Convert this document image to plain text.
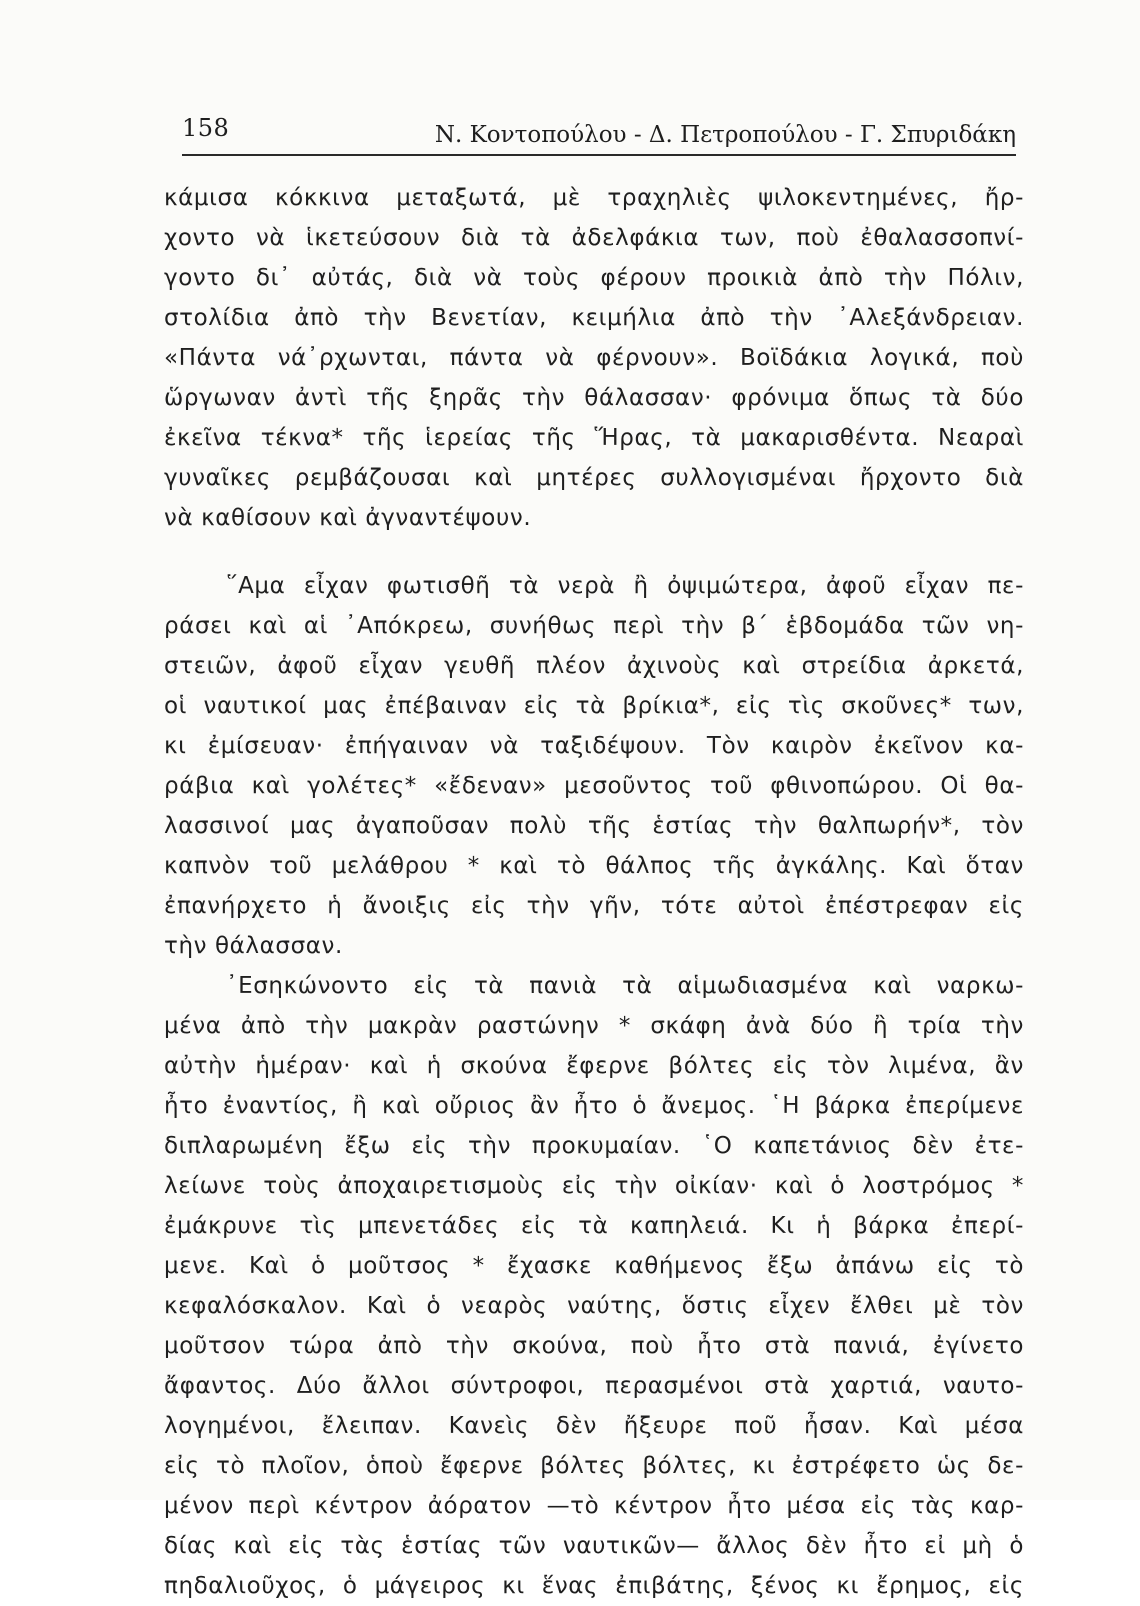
158	Ν. Κοντοπούλου - Δ. Πετροπούλου - Γ. Σπυριδάκη

κάμισα κόκκινα μεταξωτά, μὲ τραχηλιὲς ψιλοκεντημένες, ἤρ-
χοντο νὰ ἱκετεύσουν διὰ τὰ ἀδελφάκια των, ποὺ ἐθαλασσοπνί-
γοντο δι᾽ αὐτάς, διὰ νὰ τοὺς φέρουν προικιὰ ἀπὸ τὴν Πόλιν,
στολίδια ἀπὸ τὴν Βενετίαν, κειμήλια ἀπὸ τὴν ᾽Αλεξάνδρειαν.
«Πάντα νά᾽ρχωνται, πάντα νὰ φέρνουν». Βοϊδάκια λογικά, ποὺ
ὥργωναν ἀντὶ τῆς ξηρᾶς τὴν θάλασσαν· φρόνιμα ὅπως τὰ δύο
ἐκεῖνα τέκνα* τῆς ἱερείας τῆς Ἥρας, τὰ μακαρισθέντα. Νεαραὶ
γυναῖκες ρεμβάζουσαι καὶ μητέρες συλλογισμέναι ἤρχοντο διὰ
νὰ καθίσουν καὶ ἀγναντέψουν.

῞Αμα εἶχαν φωτισθῆ τὰ νερὰ ἢ ὀψιμώτερα, ἀφοῦ εἶχαν πε-
ράσει καὶ αἱ ᾽Απόκρεω, συνήθως περὶ τὴν β´ ἑβδομάδα τῶν νη-
στειῶν, ἀφοῦ εἶχαν γευθῆ πλέον ἀχινοὺς καὶ στρείδια ἀρκετά,
οἱ ναυτικοί μας ἐπέβαιναν εἰς τὰ βρίκια*, εἰς τὶς σκοῦνες* των,
κι ἐμίσευαν· ἐπήγαιναν νὰ ταξιδέψουν. Τὸν καιρὸν ἐκεῖνον κα-
ράβια καὶ γολέτες* «ἔδεναν» μεσοῦντος τοῦ φθινοπώρου. Οἱ θα-
λασσινοί μας ἀγαποῦσαν πολὺ τῆς ἑστίας τὴν θαλπωρήν*, τὸν
καπνὸν τοῦ μελάθρου * καὶ τὸ θάλπος τῆς ἀγκάλης. Καὶ ὅταν
ἐπανήρχετο ἡ ἄνοιξις εἰς τὴν γῆν, τότε αὐτοὶ ἐπέστρεφαν εἰς
τὴν θάλασσαν.

᾽Εσηκώνοντο εἰς τὰ πανιὰ τὰ αἱμωδιασμένα καὶ ναρκω-
μένα ἀπὸ τὴν μακρὰν ραστώνην * σκάφη ἀνὰ δύο ἢ τρία τὴν
αὐτὴν ἡμέραν· καὶ ἡ σκούνα ἔφερνε βόλτες εἰς τὸν λιμένα, ἂν
ἦτο ἐναντίος, ἢ καὶ οὔριος ἂν ἦτο ὁ ἄνεμος. ῾Η βάρκα ἐπερίμενε
διπλαρωμένη ἔξω εἰς τὴν προκυμαίαν. ῾Ο καπετάνιος δὲν ἐτε-
λείωνε τοὺς ἀποχαιρετισμοὺς εἰς τὴν οἰκίαν· καὶ ὁ λοστρόμος *
ἐμάκρυνε τὶς μπενετάδες εἰς τὰ καπηλειά. Κι ἡ βάρκα ἐπερί-
μενε. Καὶ ὁ μοῦτσος * ἔχασκε καθήμενος ἔξω ἀπάνω εἰς τὸ
κεφαλόσκαλον. Καὶ ὁ νεαρὸς ναύτης, ὅστις εἶχεν ἔλθει μὲ τὸν
μοῦτσον τώρα ἀπὸ τὴν σκούνα, ποὺ ἦτο στὰ πανιά, ἐγίνετο
ἄφαντος. Δύο ἄλλοι σύντροφοι, περασμένοι στὰ χαρτιά, ναυτο-
λογημένοι, ἔλειπαν. Κανεὶς δὲν ἤξευρε ποῦ ἦσαν. Καὶ μέσα
εἰς τὸ πλοῖον, ὁποὺ ἔφερνε βόλτες βόλτες, κι ἐστρέφετο ὡς δε-
μένον περὶ κέντρον ἀόρατον —τὸ κέντρον ἦτο μέσα εἰς τὰς καρ-
δίας καὶ εἰς τὰς ἑστίας τῶν ναυτικῶν— ἄλλος δὲν ἦτο εἰ μὴ ὁ
πηδαλιοῦχος, ὁ μάγειρος κι ἕνας ἐπιβάτης, ξένος κι ἔρημος, εἰς
